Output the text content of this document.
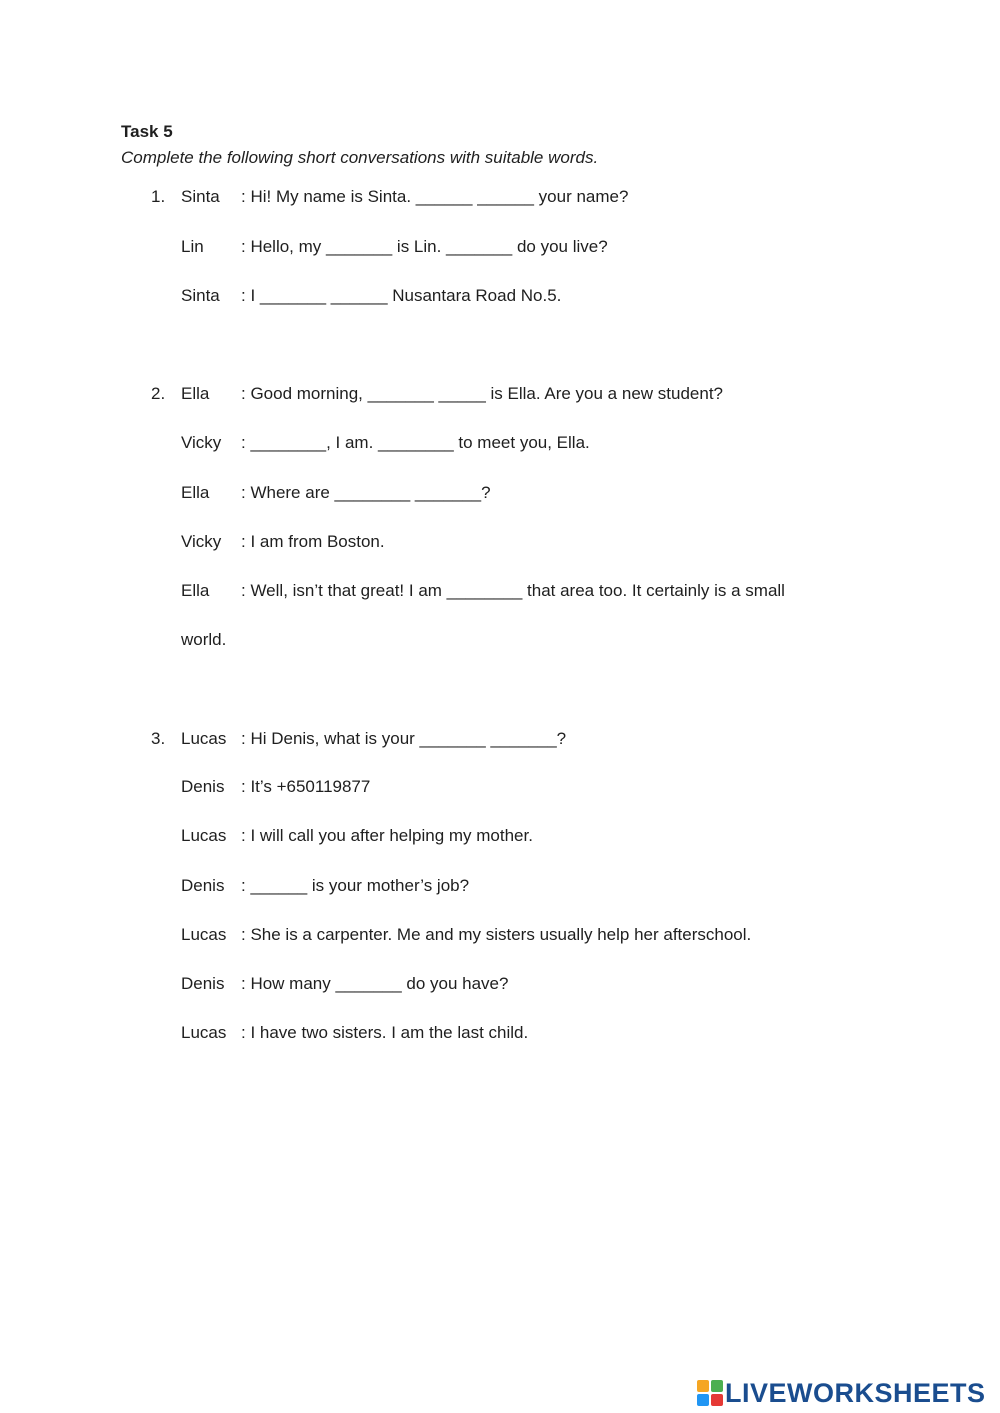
Task 5

Complete the following short conversations with suitable words.

1. Sinta	: Hi! My name is Sinta. ______ ______ your name?
Lin	: Hello, my _______ is Lin. _______ do you live?
Sinta	: I _______ ______ Nusantara Road No.5.
2. Ella	: Good morning, _______ _____ is Ella. Are you a new student?
Vicky	: ________, I am. ________ to meet you, Ella.
Ella	: Where are ________ _______?
Vicky	: I am from Boston.
Ella	: Well, isn’t that great! I am ________ that area too. It certainly is a small
world.
3. Lucas : Hi Denis, what is your _______ _______?
Denis : It’s +650119877
Lucas : I will call you after helping my mother.
Denis : ______ is your mother’s job?
Lucas : She is a carpenter. Me and my sisters usually help her afterschool.
Denis : How many _______ do you have?
Lucas : I have two sisters. I am the last child.
LIVEWORKSHEETS
